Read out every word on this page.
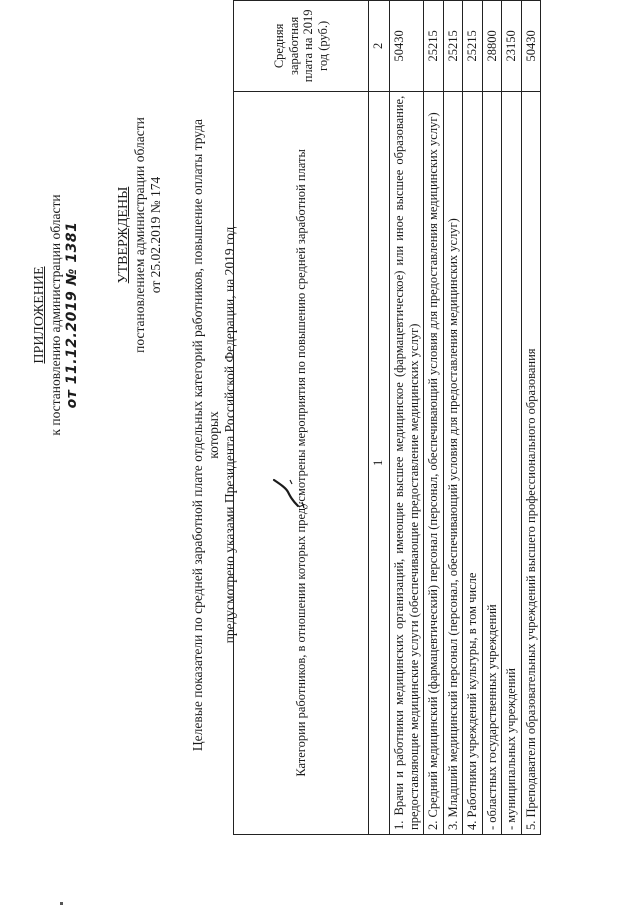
ПРИЛОЖЕНИЕ к постановлению администрации области от 11.12.2019 № 1381	УТВЕРЖДЕНЫ постановлением администрации области от 25.02.2019 № 174 Целевые показатели по средней заработной плате отдельных категорий работников, повышение оплаты труда которых предусмотрено указами Президента Российской Федерации, на 2019 год	Категории работников, в отношении которых предусмотрены мероприятия по повышению средней заработной платы	Средняя заработная плата на 2019 год (руб.)
1	2
1. Врачи и работники медицинских организаций, имеющие высшее медицинское (фармацевтическое) или иное высшее образование, предоставляющие медицинские услуги (обеспечивающие предоставление медицинских услуг)	50430
2. Средний медицинский (фармацевтический) персонал (персонал, обеспечивающий условия для предоставления медицинских услуг)	25215
3. Младший медицинский персонал (персонал, обеспечивающий условия для предоставления медицинских услуг)	25215
4. Работники учреждений культуры, в том числе	25215
- областных государственных учреждений	28800
- муниципальных учреждений	23150
5. Преподаватели образовательных учреждений высшего профессионального образования	50430
